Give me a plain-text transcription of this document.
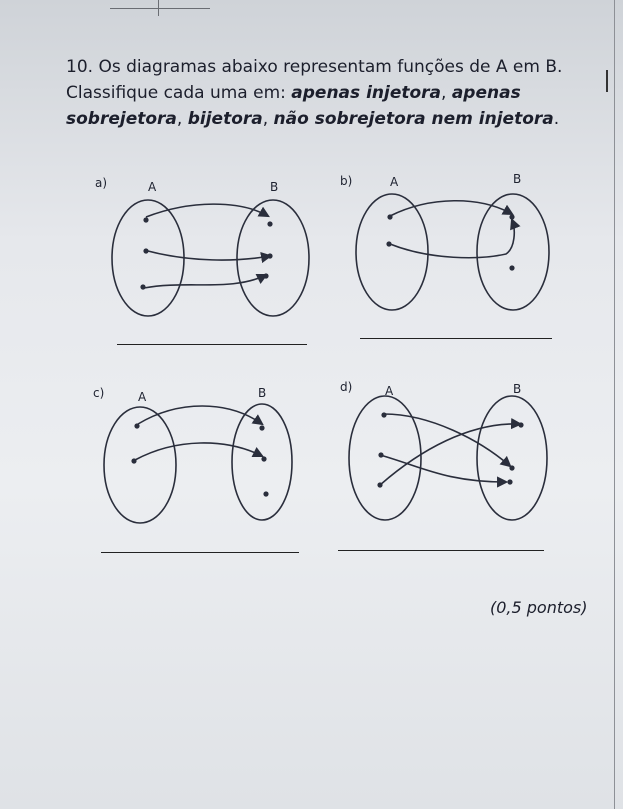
10. Os diagramas abaixo representam funções de A em B. Classifique cada uma em: apenas injetora, apenas sobrejetora, bijetora, não sobrejetora nem injetora.
a)	A	B	b)	A	B
c)	A	B	d)	A	B
(0,5 pontos)
